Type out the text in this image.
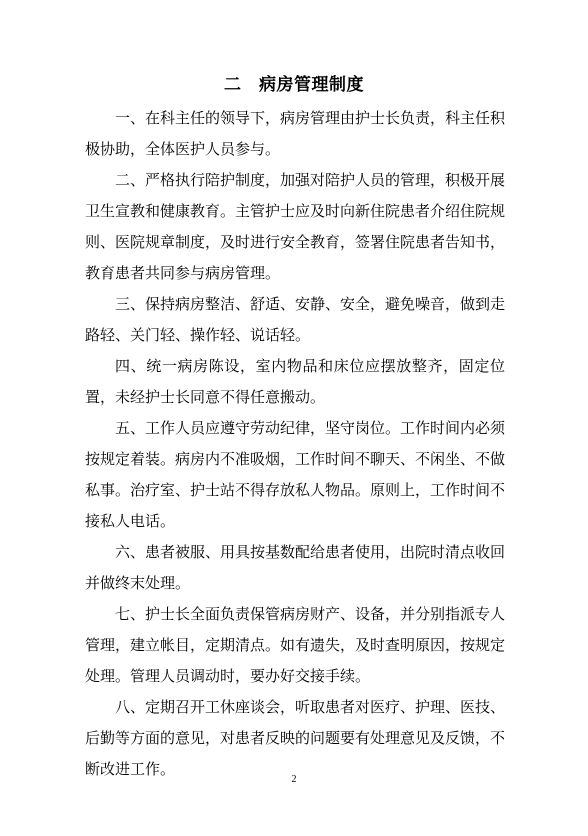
二　病房管理制度

一、在科主任的领导下，病房管理由护士长负责，科主任积极协助，全体医护人员参与。

二、严格执行陪护制度，加强对陪护人员的管理，积极开展卫生宣教和健康教育。主管护士应及时向新住院患者介绍住院规则、医院规章制度，及时进行安全教育，签署住院患者告知书，教育患者共同参与病房管理。

三、保持病房整洁、舒适、安静、安全，避免噪音，做到走路轻、关门轻、操作轻、说话轻。

四、统一病房陈设，室内物品和床位应摆放整齐，固定位置，未经护士长同意不得任意搬动。

五、工作人员应遵守劳动纪律，坚守岗位。工作时间内必须按规定着装。病房内不准吸烟，工作时间不聊天、不闲坐、不做私事。治疗室、护士站不得存放私人物品。原则上，工作时间不接私人电话。

六、患者被服、用具按基数配给患者使用，出院时清点收回并做终末处理。

七、护士长全面负责保管病房财产、设备，并分别指派专人管理，建立帐目，定期清点。如有遗失，及时查明原因，按规定处理。管理人员调动时，要办好交接手续。

八、定期召开工休座谈会，听取患者对医疗、护理、医技、后勤等方面的意见，对患者反映的问题要有处理意见及反馈，不断改进工作。

2
